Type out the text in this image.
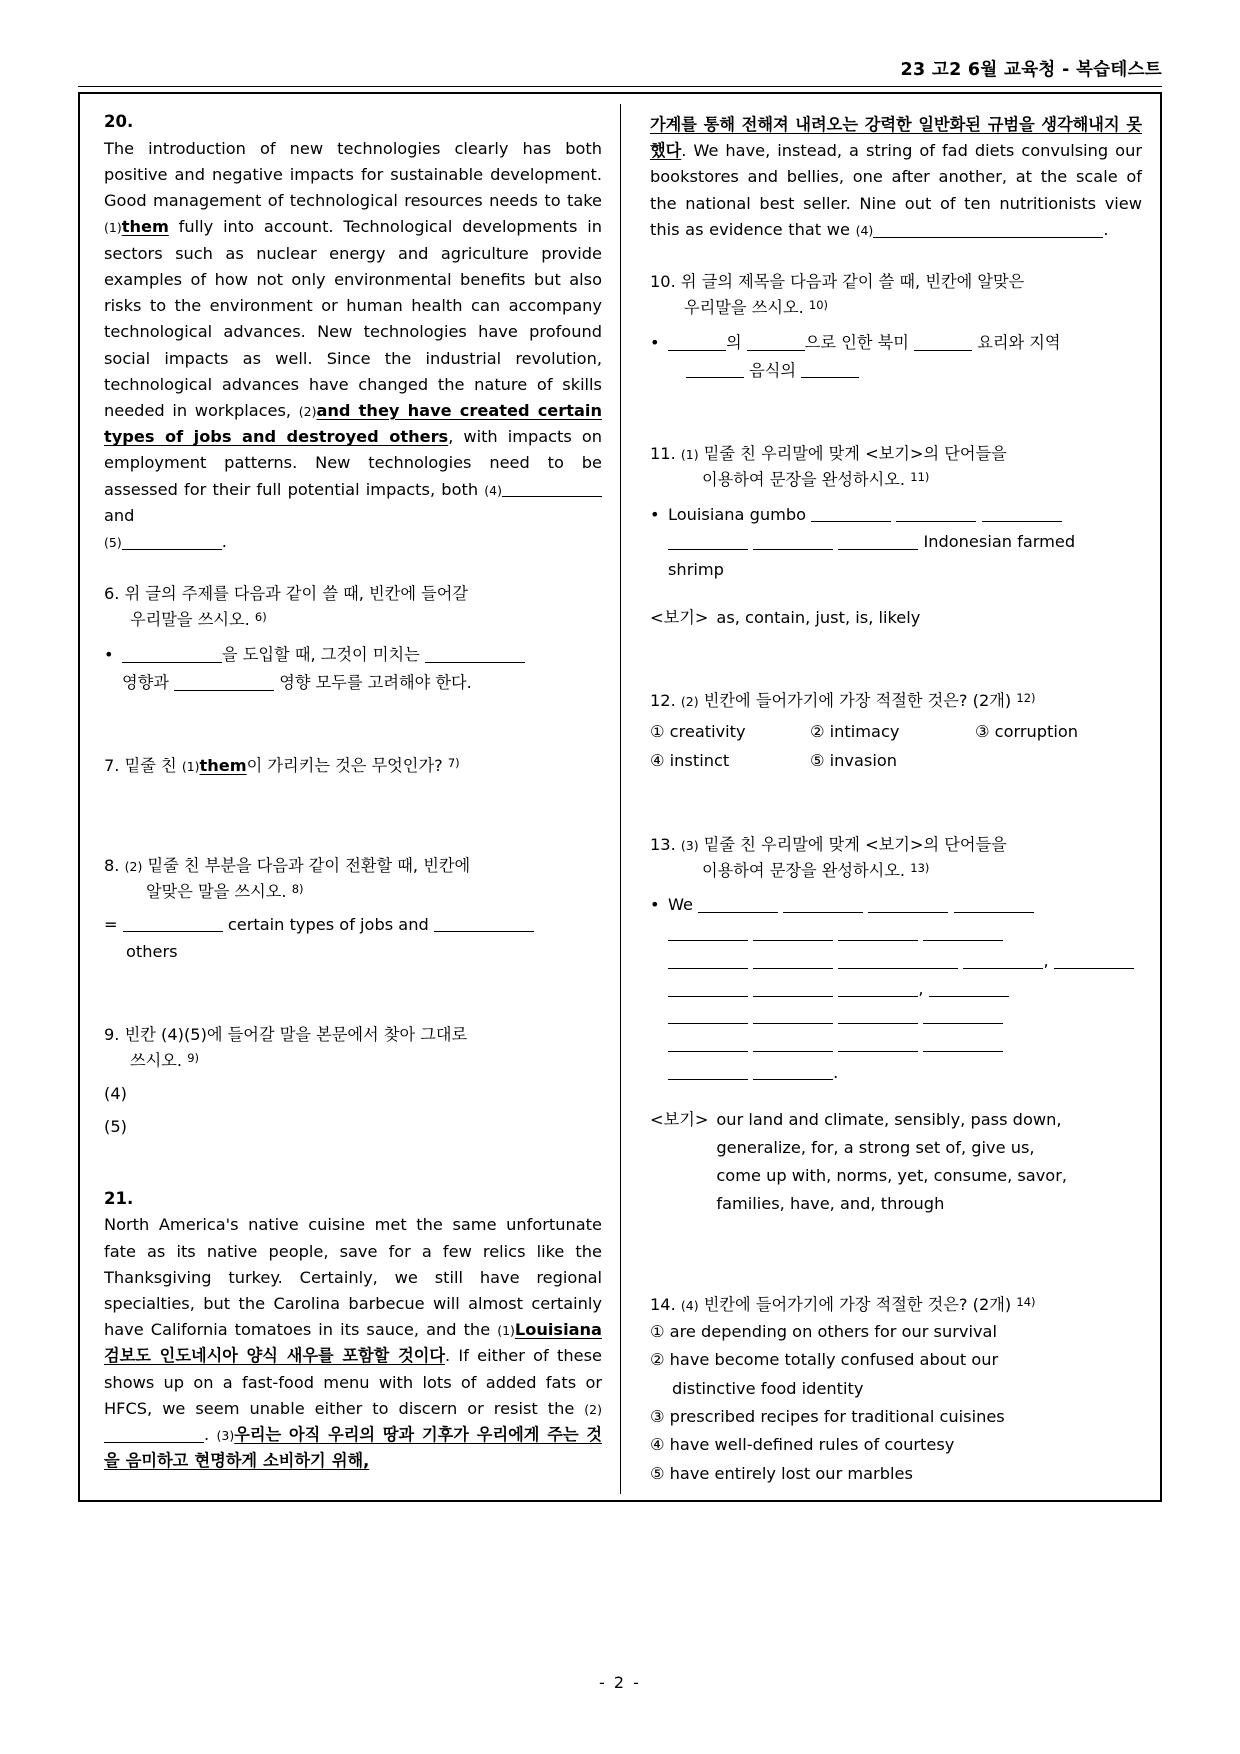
23 고2 6월 교육청 - 복습테스트
20.
The introduction of new technologies clearly has both positive and negative impacts for sustainable development. Good management of technological resources needs to take (1)them fully into account. Technological developments in sectors such as nuclear energy and agriculture provide examples of how not only environmental benefits but also risks to the environment or human health can accompany technological advances. New technologies have profound social impacts as well. Since the industrial revolution, technological advances have changed the nature of skills needed in workplaces, (2)and they have created certain types of jobs and destroyed others, with impacts on employment patterns. New technologies need to be assessed for their full potential impacts, both (4) and
(5)	.
6. 위 글의 주제를 다음과 같이 쓸 때, 빈칸에 들어갈
우리말을 쓰시오. $^{6)}$
•	을 도입할 때, 그것이 미치는
영향과	영향 모두를 고려해야 한다.
7. 밑줄 친 (1)them이 가리키는 것은 무엇인가? $^{7)}$
8. (2) 밑줄 친 부분을 다음과 같이 전환할 때, 빈칸에
알맞은 말을 쓰시오. $^{8)}$
=	certain types of jobs and
others
9. 빈칸 (4)(5)에 들어갈 말을 본문에서 찾아 그대로
쓰시오. $^{9)}$
(4)
(5)
21.
North America's native cuisine met the same unfortunate fate as its native people, save for a few relics like the Thanksgiving turkey. Certainly, we still have regional specialties, but the Carolina barbecue will almost certainly have California tomatoes in its sauce, and the (1)Louisiana 검보도 인도네시아 양식 새우를 포함할 것이다. If either of these shows up on a fast-food menu with lots of added fats or HFCS, we seem unable either to discern or resist the (2). (3)우리는 아직 우리의 땅과 기후가 우리에게 주는 것을 음미하고 현명하게 소비하기 위해,
가계를 통해 전해져 내려오는 강력한 일반화된 규범을 생각해내지 못했다. We have, instead, a string of fad diets convulsing our bookstores and bellies, one after another, at the scale of the national best seller. Nine out of ten nutritionists view this as evidence that we (4)	.
10. 위 글의 제목을 다음과 같이 쓸 때, 빈칸에 알맞은
우리말을 쓰시오. $^{10)}$
•	의	으로 인한 북미	요리와 지역
음식의
11. (1) 밑줄 친 우리말에 맞게 <보기>의 단어들을
이용하여 문장을 완성하시오. $^{11)}$
• Louisiana gumbo
Indonesian farmed
shrimp
<보기> as, contain, just, is, likely
12. (2) 빈칸에 들어가기에 가장 적절한 것은? (2개) $^{12)}$
① creativity	② intimacy	③ corruption
④ instinct	⑤ invasion
13. (3) 밑줄 친 우리말에 맞게 <보기>의 단어들을
이용하여 문장을 완성하시오. $^{13)}$
• We

,
,

.
<보기> our land and climate, sensibly, pass down,
generalize, for, a strong set of, give us,
come up with, norms, yet, consume, savor,
families, have, and, through
14. (4) 빈칸에 들어가기에 가장 적절한 것은? (2개) $^{14)}$
① are depending on others for our survival
② have become totally confused about our
distinctive food identity
③ prescribed recipes for traditional cuisines
④ have well-defined rules of courtesy
⑤ have entirely lost our marbles
- 2 -
